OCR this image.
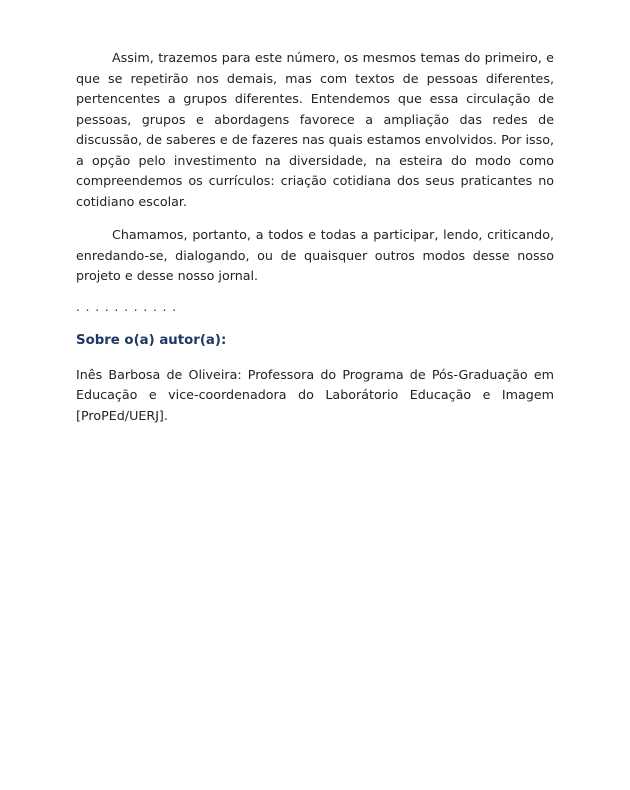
Assim, trazemos para este número, os mesmos temas do primeiro, e que se repetirão nos demais, mas com textos de pessoas diferentes, pertencentes a grupos diferentes. Entendemos que essa circulação de pessoas, grupos e abordagens favorece a ampliação das redes de discussão, de saberes e de fazeres nas quais estamos envolvidos. Por isso, a opção pelo investimento na diversidade, na esteira do modo como compreendemos os currículos: criação cotidiana dos seus praticantes no cotidiano escolar.

Chamamos, portanto, a todos e todas a participar, lendo, criticando, enredando-se, dialogando, ou de quaisquer outros modos desse nosso projeto e desse nosso jornal.

. . . . . . . . . . .

Sobre o(a) autor(a):

Inês Barbosa de Oliveira: Professora do Programa de Pós-Graduação em Educação e vice-coordenadora do Laborátorio Educação e Imagem [ProPEd/UERJ].
